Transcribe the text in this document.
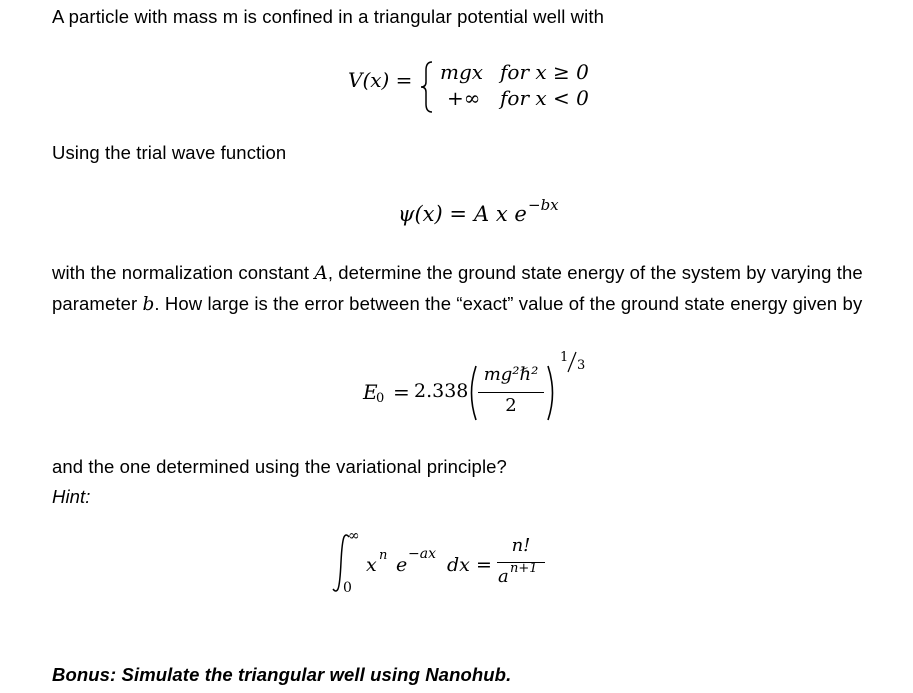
A particle with mass m is confined in a triangular potential well with
V(x) = mgx for x ≥ 0
+∞ for x < 0
Using the trial wave function
ψ(x) = A x e −bx
with the normalization constant A, determine the ground state energy of the system by varying the parameter b. How large is the error between the “exact” value of the ground state energy given by
E
0 = 2.338
mg²ℏ²
2
1
3
and the one determined using the variational principle?
Hint:
∞
0
x n e −ax dx =
n!
a n+1
Bonus: Simulate the triangular well using Nanohub.
